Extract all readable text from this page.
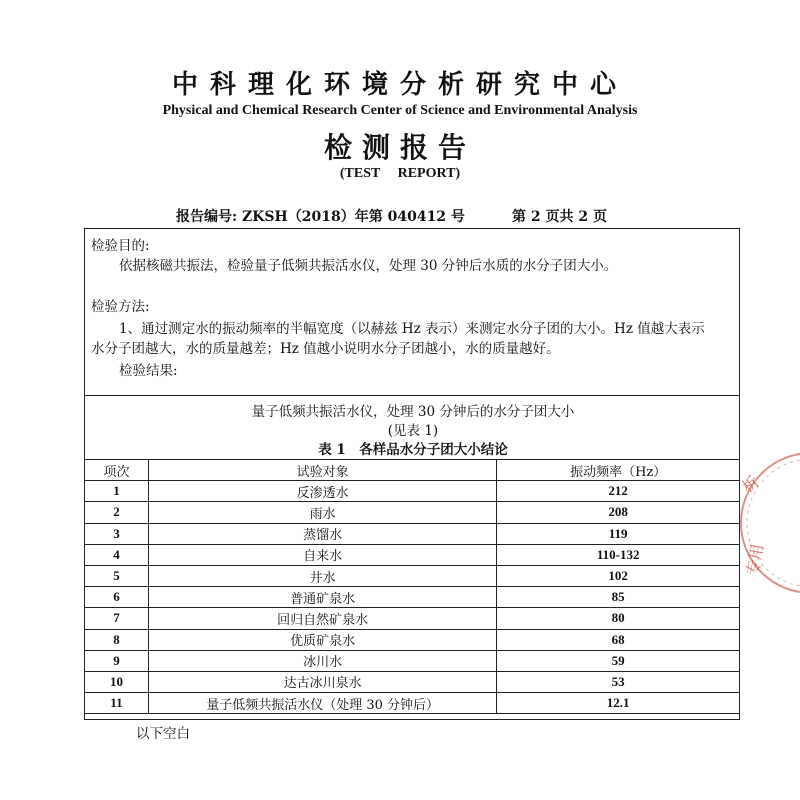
中科理化环境分析研究中心
Physical and Chemical Research Center of Science and Environmental Analysis
检测报告
(TEST REPORT)
报告编号: ZKSH（2018）年第 040412 号	第 2 页共 2 页
检验目的:
依据核磁共振法，检验量子低频共振活水仪，处理 30 分钟后水质的水分子团大小。
检验方法:
1、通过测定水的振动频率的半幅宽度（以赫兹 Hz 表示）来测定水分子团的大小。Hz 值越大表示
水分子团越大，水的质量越差；Hz 值越小说明水分子团越小，水的质量越好。
检验结果:
量子低频共振活水仪，处理 30 分钟后的水分子团大小
(见表 1)
表 1　各样品水分子团大小结论
项次	试验对象	振动频率（Hz）
1	反渗透水	212
2	雨水	208
3	蒸馏水	119
4	自来水	110-132
5	井水	102
6	普通矿泉水	85
7	回归自然矿泉水	80
8	优质矿泉水	68
9	冰川水	59
10	达古冰川泉水	53
11	量子低频共振活水仪（处理 30 分钟后）	12.1
以下空白
析
专用
